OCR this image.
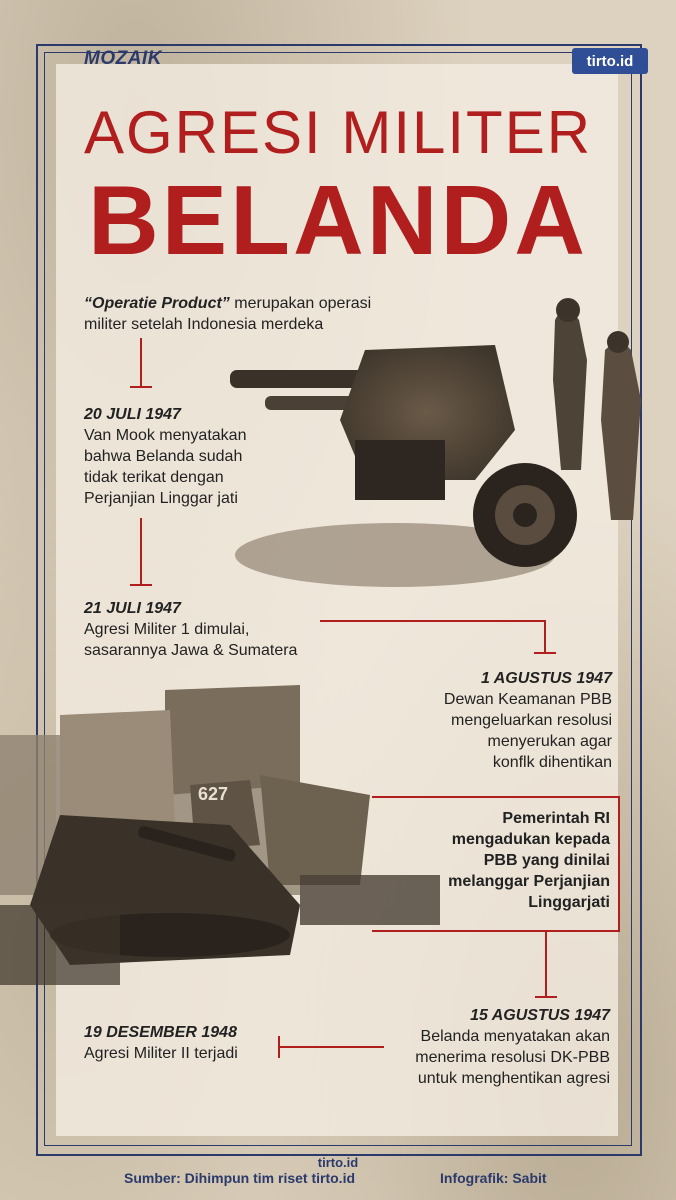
MOZAIK	tirto.id
AGRESI MILITER
BELANDA
627
“Operatie Product” merupakan operasi
militer setelah Indonesia merdeka
20 JULI 1947
Van Mook menyatakan
bahwa Belanda sudah
tidak terikat dengan
Perjanjian Linggar jati
21 JULI 1947
Agresi Militer 1 dimulai,
sasarannya Jawa & Sumatera
1 AGUSTUS 1947
Dewan Keamanan PBB
mengeluarkan resolusi
menyerukan agar
konflk dihentikan
Pemerintah RI
mengadukan kepada
PBB yang dinilai
melanggar Perjanjian
Linggarjati
15 AGUSTUS 1947
Belanda menyatakan akan
menerima resolusi DK-PBB
untuk menghentikan agresi
19 DESEMBER 1948
Agresi Militer II terjadi
tirto.id
Sumber: Dihimpun tim riset tirto.id	Infografik: Sabit
